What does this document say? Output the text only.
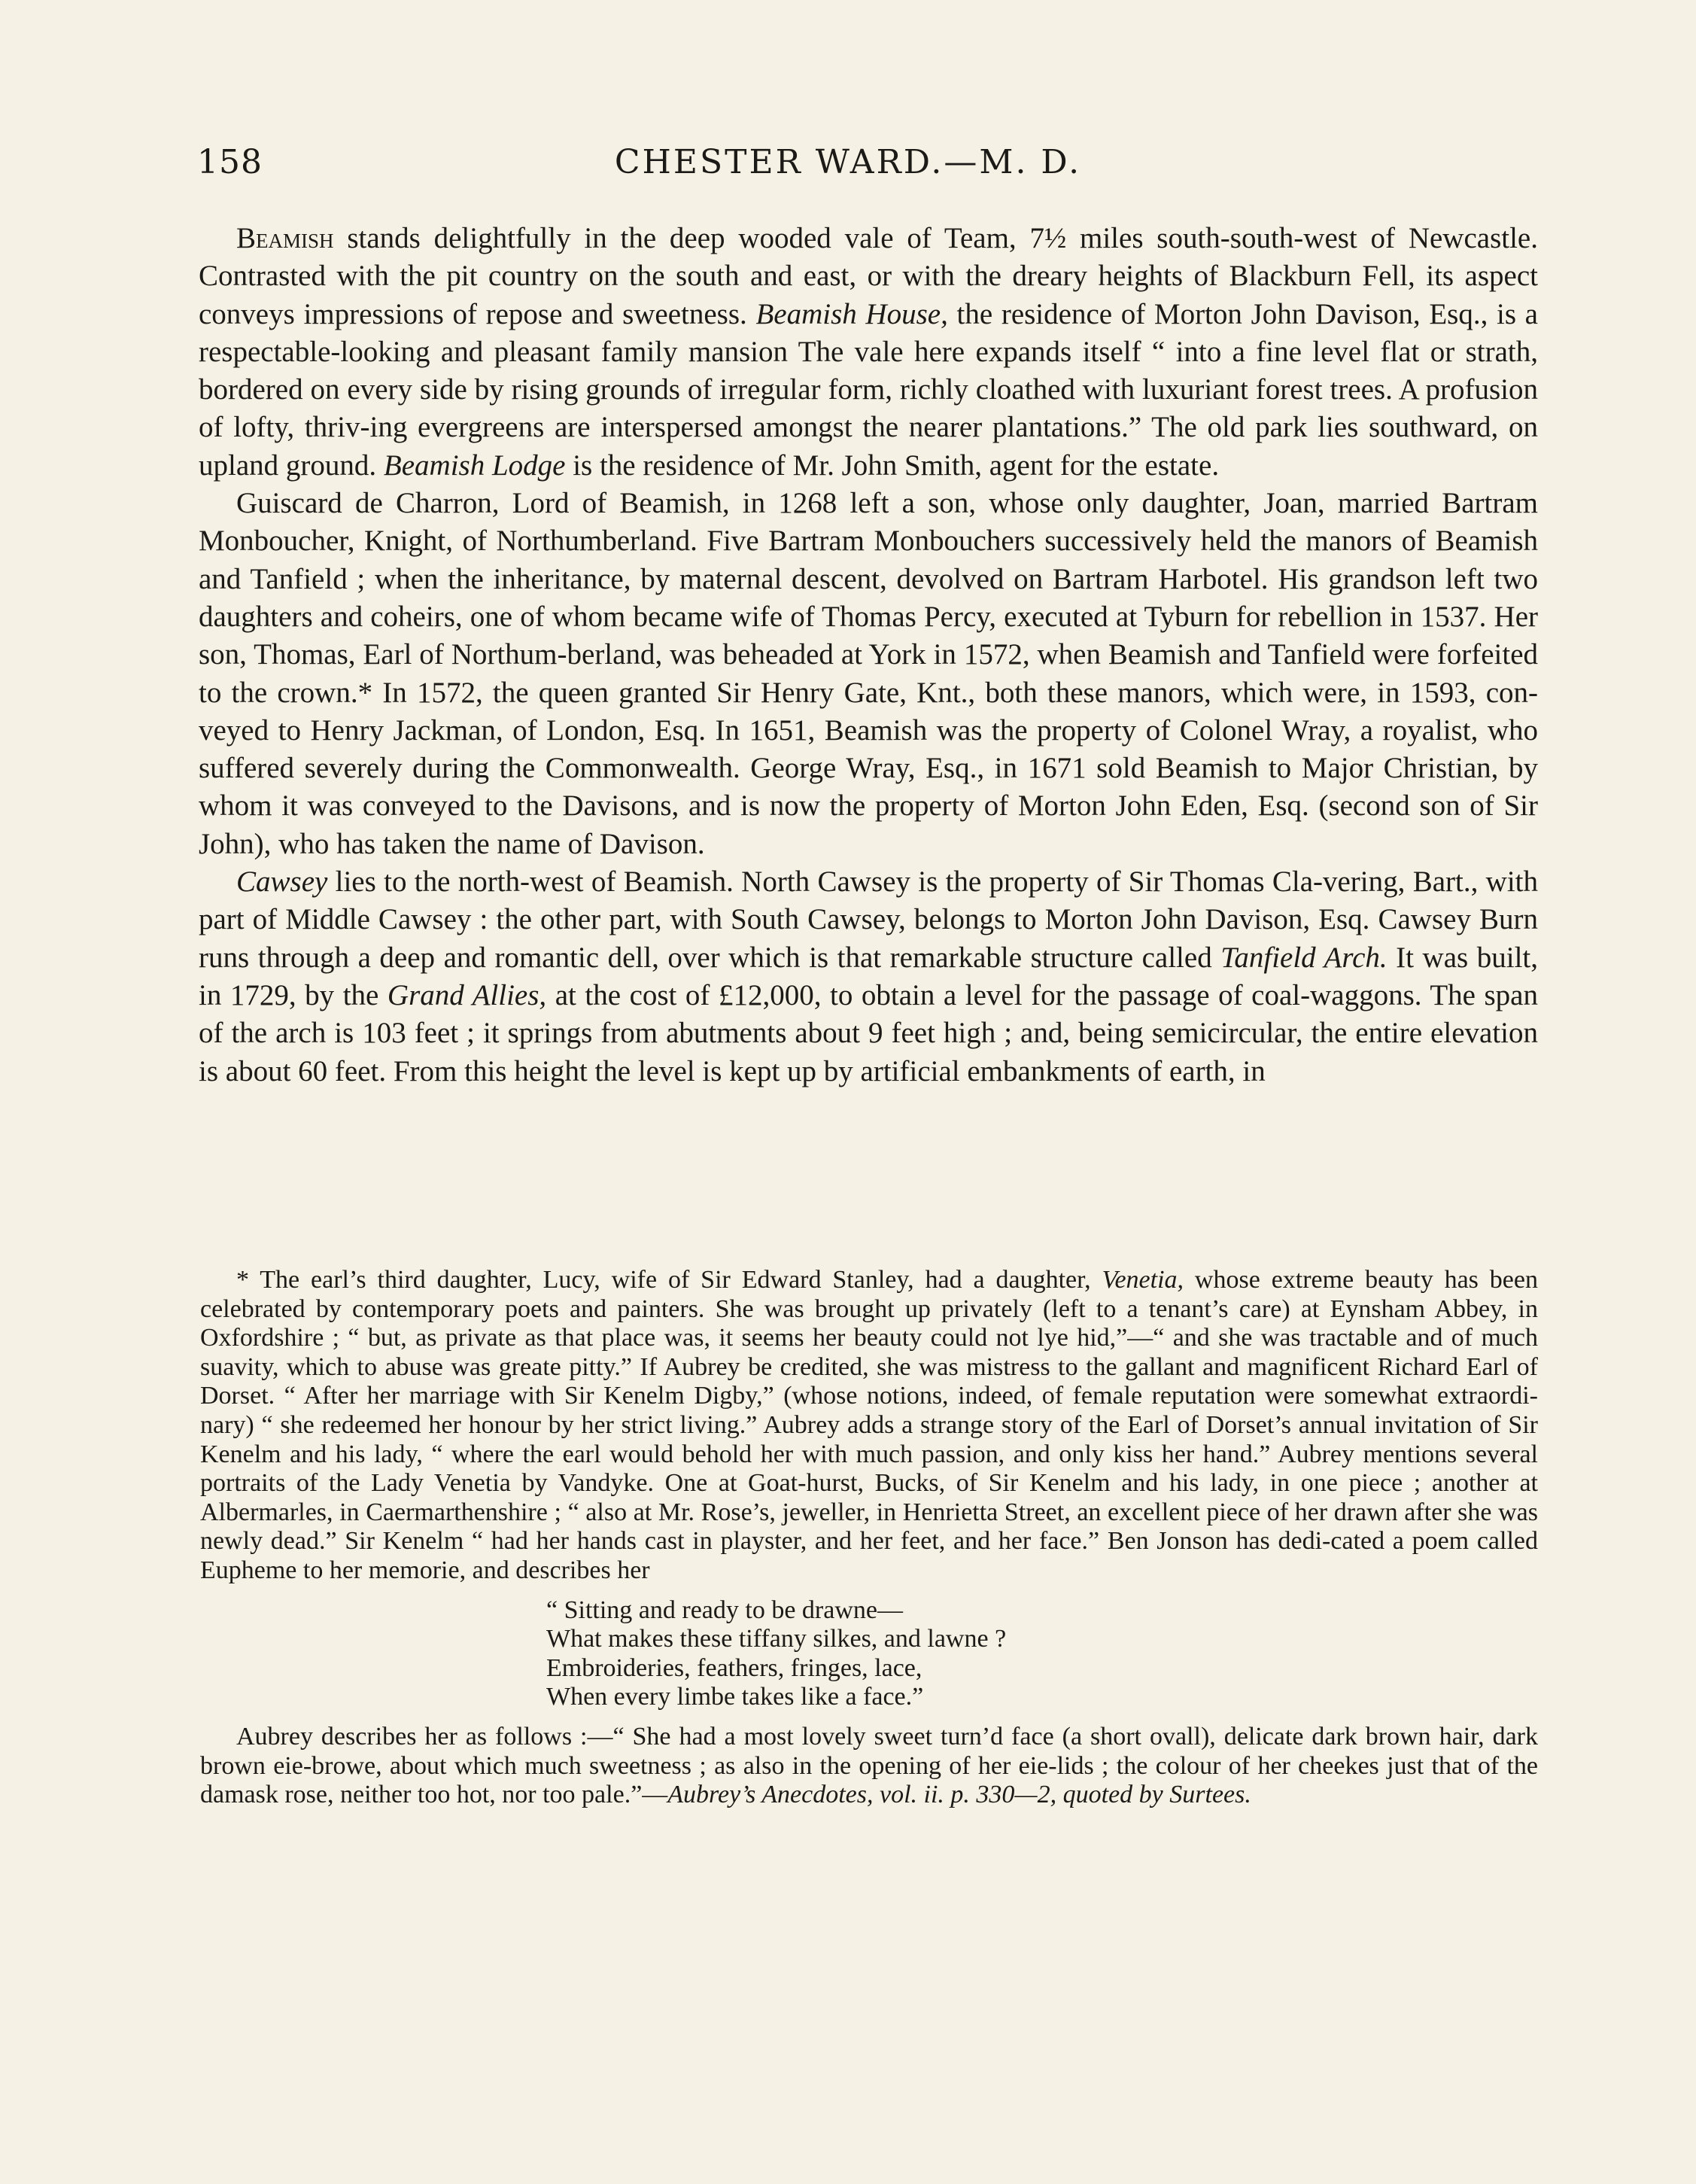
158	CHESTER WARD.—M. D.

Beamish stands delightfully in the deep wooded vale of Team, 7½ miles south-south-west of Newcastle. Contrasted with the pit country on the south and east, or with the dreary heights of Blackburn Fell, its aspect conveys impressions of repose and sweetness. Beamish House, the residence of Morton John Davison, Esq., is a respectable-looking and pleasant family mansion The vale here expands itself “ into a fine level flat or strath, bordered on every side by rising grounds of irregular form, richly cloathed with luxuriant forest trees. A profusion of lofty, thriv-ing evergreens are interspersed amongst the nearer plantations.” The old park lies southward, on upland ground. Beamish Lodge is the residence of Mr. John Smith, agent for the estate.

Guiscard de Charron, Lord of Beamish, in 1268 left a son, whose only daughter, Joan, married Bartram Monboucher, Knight, of Northumberland. Five Bartram Monbouchers successively held the manors of Beamish and Tanfield ; when the inheritance, by maternal descent, devolved on Bartram Harbotel. His grandson left two daughters and coheirs, one of whom became wife of Thomas Percy, executed at Tyburn for rebellion in 1537. Her son, Thomas, Earl of Northum-berland, was beheaded at York in 1572, when Beamish and Tanfield were forfeited to the crown.* In 1572, the queen granted Sir Henry Gate, Knt., both these manors, which were, in 1593, con-veyed to Henry Jackman, of London, Esq. In 1651, Beamish was the property of Colonel Wray, a royalist, who suffered severely during the Commonwealth. George Wray, Esq., in 1671 sold Beamish to Major Christian, by whom it was conveyed to the Davisons, and is now the property of Morton John Eden, Esq. (second son of Sir John), who has taken the name of Davison.

Cawsey lies to the north-west of Beamish. North Cawsey is the property of Sir Thomas Cla-vering, Bart., with part of Middle Cawsey : the other part, with South Cawsey, belongs to Morton John Davison, Esq. Cawsey Burn runs through a deep and romantic dell, over which is that remarkable structure called Tanfield Arch. It was built, in 1729, by the Grand Allies, at the cost of £12,000, to obtain a level for the passage of coal-waggons. The span of the arch is 103 feet ; it springs from abutments about 9 feet high ; and, being semicircular, the entire elevation is about 60 feet. From this height the level is kept up by artificial embankments of earth, in

* The earl’s third daughter, Lucy, wife of Sir Edward Stanley, had a daughter, Venetia, whose extreme beauty has been celebrated by contemporary poets and painters. She was brought up privately (left to a tenant’s care) at Eynsham Abbey, in Oxfordshire ; “ but, as private as that place was, it seems her beauty could not lye hid,”—“ and she was tractable and of much suavity, which to abuse was greate pitty.” If Aubrey be credited, she was mistress to the gallant and magnificent Richard Earl of Dorset. “ After her marriage with Sir Kenelm Digby,” (whose notions, indeed, of female reputation were somewhat extraordi-nary) “ she redeemed her honour by her strict living.” Aubrey adds a strange story of the Earl of Dorset’s annual invitation of Sir Kenelm and his lady, “ where the earl would behold her with much passion, and only kiss her hand.” Aubrey mentions several portraits of the Lady Venetia by Vandyke. One at Goat-hurst, Bucks, of Sir Kenelm and his lady, in one piece ; another at Albermarles, in Caermarthenshire ; “ also at Mr. Rose’s, jeweller, in Henrietta Street, an excellent piece of her drawn after she was newly dead.” Sir Kenelm “ had her hands cast in playster, and her feet, and her face.” Ben Jonson has dedi-cated a poem called Eupheme to her memorie, and describes her

“ Sitting and ready to be drawne—
What makes these tiffany silkes, and lawne ?
Embroideries, feathers, fringes, lace,
When every limbe takes like a face.”

Aubrey describes her as follows :—“ She had a most lovely sweet turn’d face (a short ovall), delicate dark brown hair, dark brown eie-browe, about which much sweetness ; as also in the opening of her eie-lids ; the colour of her cheekes just that of the damask rose, neither too hot, nor too pale.”—Aubrey’s Anecdotes, vol. ii. p. 330—2, quoted by Surtees.
